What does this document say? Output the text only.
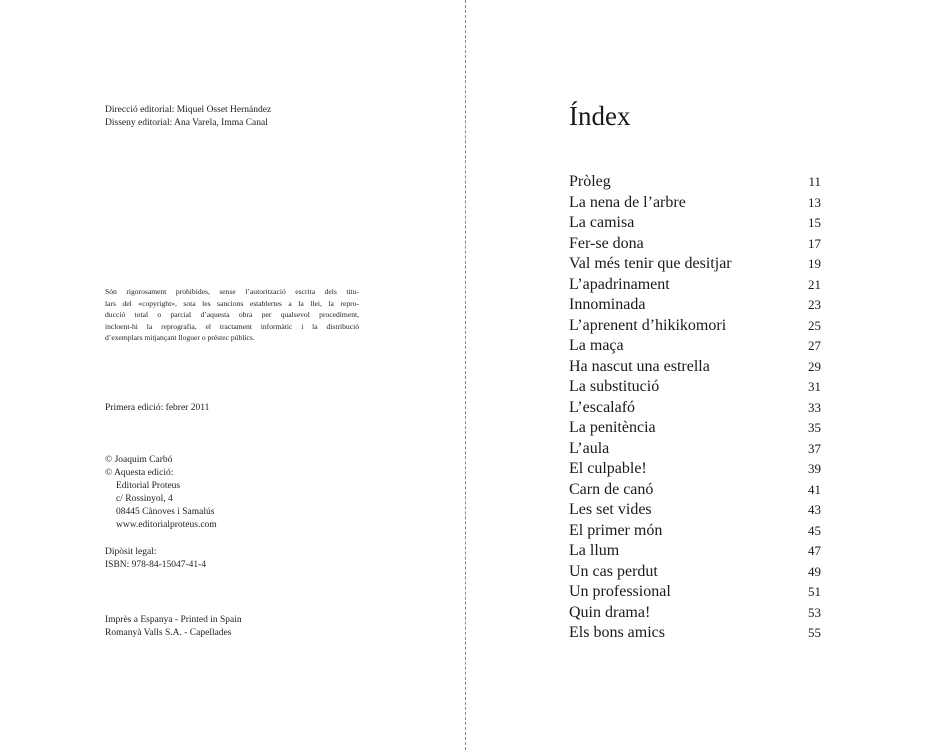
Direcció editorial: Miquel Osset Hernández
Disseny editorial: Ana Varela, Imma Canal
Són rigorosament prohibides, sense l’autorització escrita dels titu-
lars del «copyright», sota les sancions establertes a la llei, la repro-
ducció total o parcial d’aquesta obra per qualsevol procediment,
incloent-hi la reprografia, el tractament informàtic i la distribució
d’exemplars mitjançant lloguer o préstec públics.
Primera edició: febrer 2011
© Joaquim Carbó
© Aquesta edició:
Editorial Proteus
c/ Rossinyol, 4
08445 Cànoves i Samalús
www.editorialproteus.com
Dipòsit legal:
ISBN: 978-84-15047-41-4
Imprès a Espanya - Printed in Spain
Romanyà Valls S.A. - Capellades
Índex
Pròleg	11
La nena de l’arbre	13
La camisa	15
Fer-se dona	17
Val més tenir que desitjar	19
L’apadrinament	21
Innominada	23
L’aprenent d’hikikomori	25
La maça	27
Ha nascut una estrella	29
La substitució	31
L’escalafó	33
La penitència	35
L’aula	37
El culpable!	39
Carn de canó	41
Les set vides	43
El primer món	45
La llum	47
Un cas perdut	49
Un professional	51
Quin drama!	53
Els bons amics	55
